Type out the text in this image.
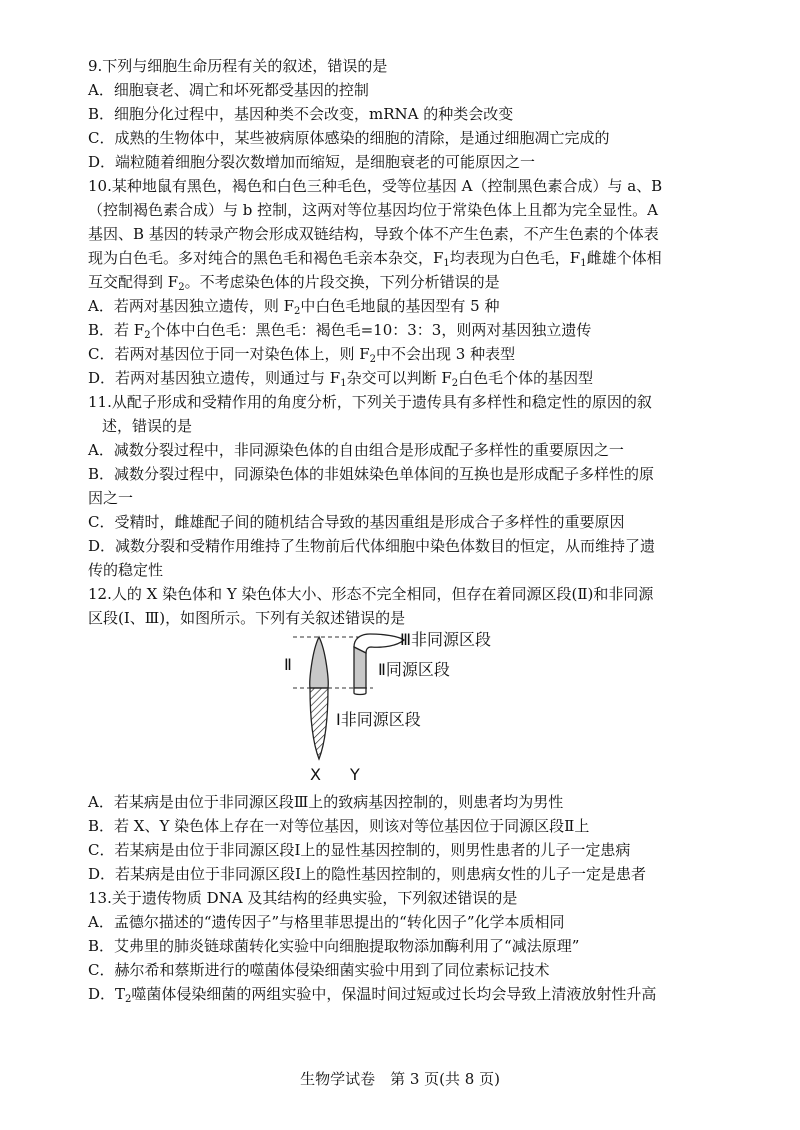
9.下列与细胞生命历程有关的叙述，错误的是
A．细胞衰老、凋亡和坏死都受基因的控制
B．细胞分化过程中，基因种类不会改变，mRNA 的种类会改变
C．成熟的生物体中，某些被病原体感染的细胞的清除，是通过细胞凋亡完成的
D．端粒随着细胞分裂次数增加而缩短，是细胞衰老的可能原因之一
10.某种地鼠有黑色，褐色和白色三种毛色，受等位基因 A（控制黑色素合成）与 a、B
（控制褐色素合成）与 b 控制，这两对等位基因均位于常染色体上且都为完全显性。A
基因、B 基因的转录产物会形成双链结构，导致个体不产生色素，不产生色素的个体表
现为白色毛。多对纯合的黑色毛和褐色毛亲本杂交，$F_1$均表现为白色毛，$F_1$雌雄个体相
互交配得到 $F_2$。不考虑染色体的片段交换，下列分析错误的是
A．若两对基因独立遗传，则 $F_2$中白色毛地鼠的基因型有 5 种
B．若 $F_2$个体中白色毛：黑色毛：褐色毛=10：3：3，则两对基因独立遗传
C．若两对基因位于同一对染色体上，则 $F_2$中不会出现 3 种表型
D．若两对基因独立遗传，则通过与 $F_1$杂交可以判断 $F_2$白色毛个体的基因型
11.从配子形成和受精作用的角度分析，下列关于遗传具有多样性和稳定性的原因的叙
述，错误的是
A．减数分裂过程中，非同源染色体的自由组合是形成配子多样性的重要原因之一
B．减数分裂过程中，同源染色体的非姐妹染色单体间的互换也是形成配子多样性的原
因之一
C．受精时，雌雄配子间的随机结合导致的基因重组是形成合子多样性的重要原因
D．减数分裂和受精作用维持了生物前后代体细胞中染色体数目的恒定，从而维持了遗
传的稳定性
12.人的 X 染色体和 Y 染色体大小、形态不完全相同，但存在着同源区段(Ⅱ)和非同源
区段(Ⅰ、Ⅲ)，如图所示。下列有关叙述错误的是
Ⅲ非同源区段
Ⅱ同源区段
Ⅱ
Ⅰ非同源区段
X Y
A．若某病是由位于非同源区段Ⅲ上的致病基因控制的，则患者均为男性
B．若 X、Y 染色体上存在一对等位基因，则该对等位基因位于同源区段Ⅱ上
C．若某病是由位于非同源区段Ⅰ上的显性基因控制的，则男性患者的儿子一定患病
D．若某病是由位于非同源区段Ⅰ上的隐性基因控制的，则患病女性的儿子一定是患者
13.关于遗传物质 DNA 及其结构的经典实验，下列叙述错误的是
A．孟德尔描述的“遗传因子”与格里菲思提出的“转化因子”化学本质相同
B．艾弗里的肺炎链球菌转化实验中向细胞提取物添加酶利用了“减法原理”
C．赫尔希和蔡斯进行的噬菌体侵染细菌实验中用到了同位素标记技术
D．$T_2$噬菌体侵染细菌的两组实验中，保温时间过短或过长均会导致上清液放射性升高
生物学试卷　第 3 页(共 8 页)
